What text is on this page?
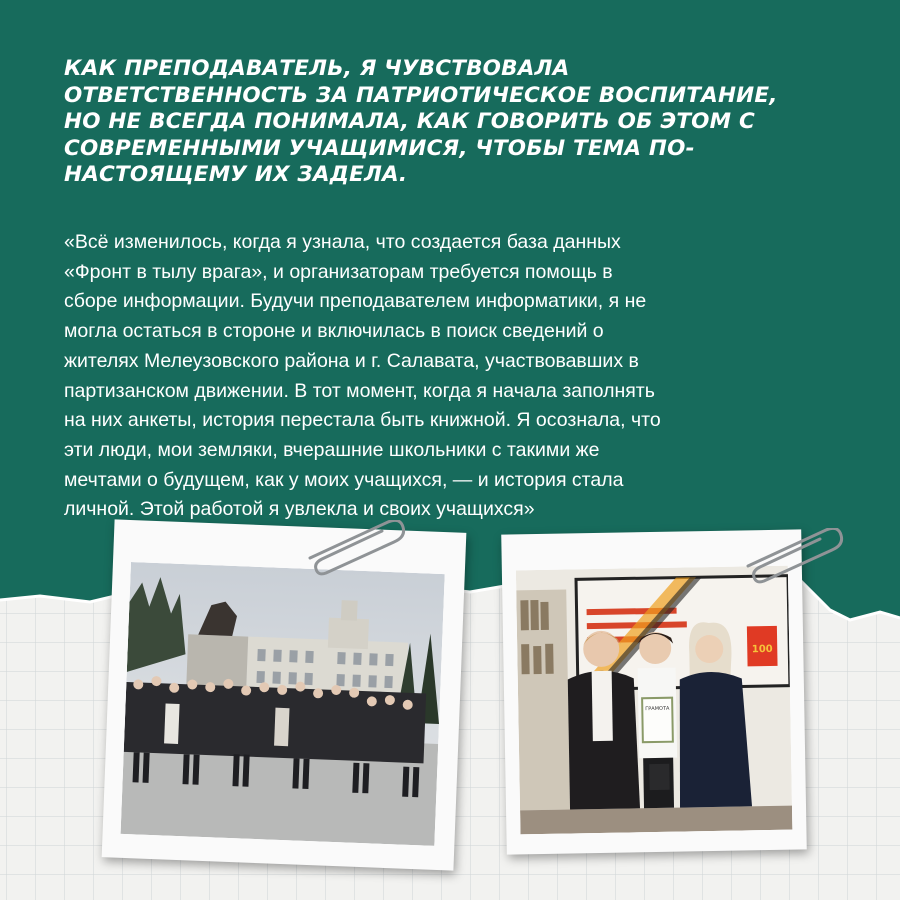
КАК ПРЕПОДАВАТЕЛЬ, Я ЧУВСТВОВАЛА
ОТВЕТСТВЕННОСТЬ ЗА ПАТРИОТИЧЕСКОЕ ВОСПИТАНИЕ,
НО НЕ ВСЕГДА ПОНИМАЛА, КАК ГОВОРИТЬ ОБ ЭТОМ С
СОВРЕМЕННЫМИ УЧАЩИМИСЯ, ЧТОБЫ ТЕМА ПО-
НАСТОЯЩЕМУ ИХ ЗАДЕЛА.

«Всё изменилось, когда я узнала, что создается база данных
«Фронт в тылу врага», и организаторам требуется помощь в
сборе информации. Будучи преподавателем информатики, я не
могла остаться в стороне и включилась в поиск сведений о
жителях Мелеузовского района и г. Салавата, участвовавших в
партизанском движении. В тот момент, когда я начала заполнять
на них анкеты, история перестала быть книжной. Я осознала, что
эти люди, мои земляки, вчерашние школьники с такими же
мечтами о будущем, как у моих учащихся, — и история стала
личной. Этой работой я увлекла и своих учащихся»

100
ГРАМОТА
